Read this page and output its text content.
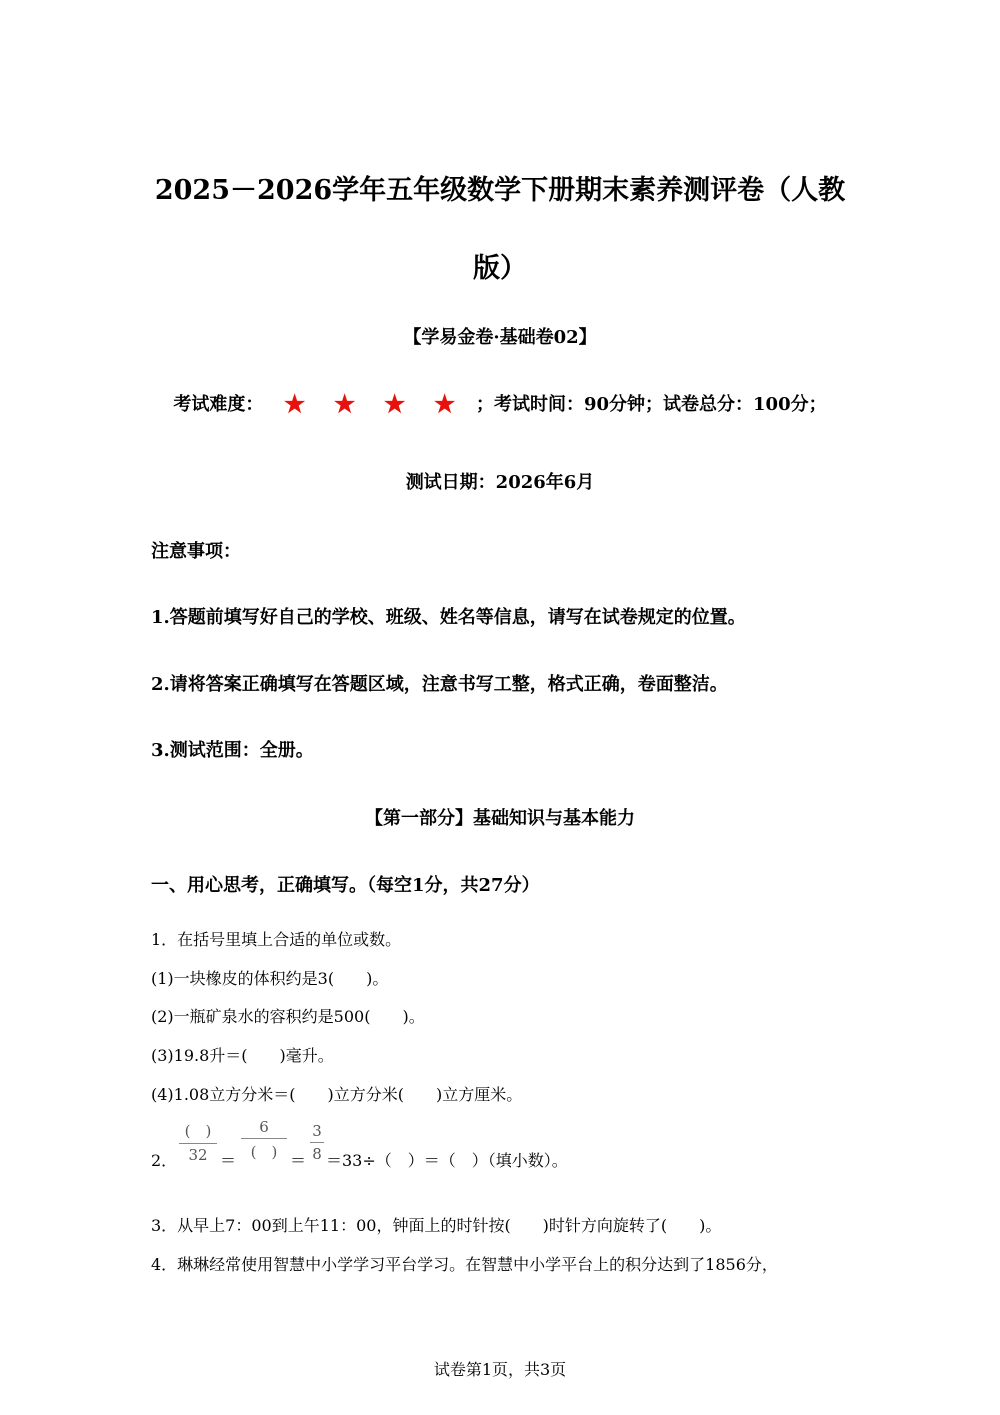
2025－2026学年五年级数学下册期末素养测评卷（人教
版）
【学易金卷·基础卷02】
考试难度： ★ ★ ★ ★ ；考试时间：90分钟；试卷总分：100分；
测试日期：2026年6月
注意事项：
1.答题前填写好自己的学校、班级、姓名等信息，请写在试卷规定的位置。
2.请将答案正确填写在答题区域，注意书写工整，格式正确，卷面整洁。
3.测试范围：全册。
【第一部分】基础知识与基本能力
一、用心思考，正确填写。（每空1分，共27分）
1．在括号里填上合适的单位或数。
(1)一块橡皮的体积约是3(　　)。
(2)一瓶矿泉水的容积约是500(　　)。
(3)19.8升＝(　　)毫升。
(4)1.08立方分米＝(　　)立方分米(　　)立方厘米。
2．
(　)
32 ＝
6
(　) ＝
3
8 ＝33÷（　）＝（　）（填小数）。
3．从早上7：00到上午11：00，钟面上的时针按(　　)时针方向旋转了(　　)。
4．琳琳经常使用智慧中小学学习平台学习。在智慧中小学平台上的积分达到了1856分，
试卷第1页，共3页
